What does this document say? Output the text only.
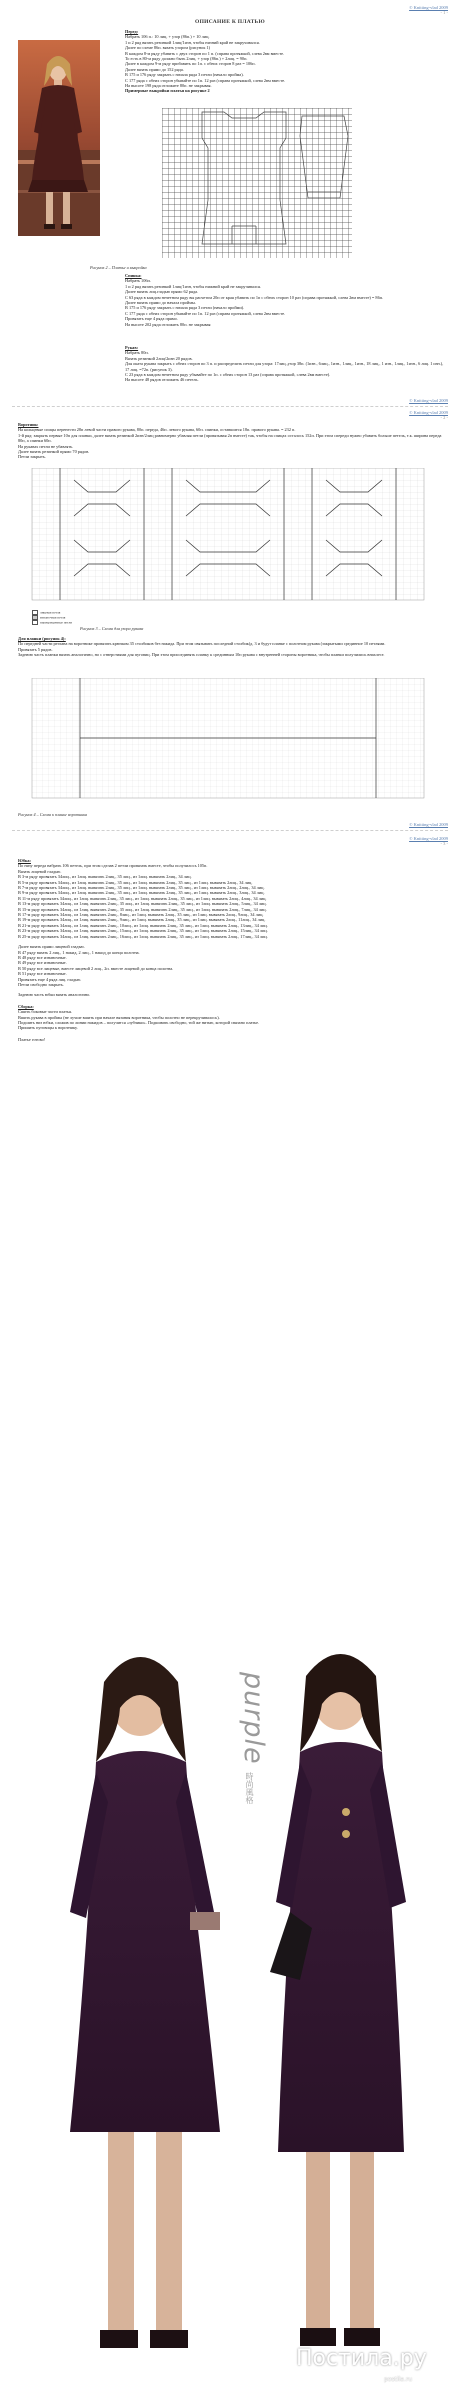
© Knitting-vlad 2009
- 1 -
ОПИСАНИЕ К ПЛАТЬЮ
Перед:
Набрать 106 п.: 10 лиц. + узор (86п.) + 10 лиц.
1 и 2 ряд вязать резинкой 1лиц/1изн, чтобы низний край не закручивался.
Далее по схеме 86п. вязать узором (рисунок 1)
В каждом 8-м ряду убавить с двух сторон по 1 п. (справа протяжкой, слева 2вм вместе.
То есть в 80-м ряду должно быть 2лиц. + узор (86п.) + 2лиц. = 90п.
Далее в каждом 9-м ряду прибавить по 1п. с обеих сторон 8 раз = 106п.
Далее вязать прямо до 152 ряда.
В 175 и 176 ряду закрыть с начала ряда 3 петли (начало пройма).
С 177 ряда с обеих сторон убывайте по 1п. 12 раз (справа протяжкой, слева 2вм вместе.
На высоте 198 ряда отложите 80п. не закрывая.
Примерные выкройки платья на рисунке 2
Рисунок 2 – Платье и выкройка
Спинка:
Набрать 106п.
1 и 2 ряд вязать резинкой 1лиц/1изн, чтобы нижний край не закручивался.
Далее вязать лиц.гладью прямо 62 ряда.
С 63 ряда в каждом нечетном ряду вы расчетом 20п от края убавить по 1п с обеих сторон 10 раз (справа протяжкой, слева 2вм вместе) = 86п.
Далее вязать прямо до начала проймы.
В 175 и 176 ряду закрыть с начала ряда 3 петли (начало пройми).
С 177 ряда с обеих сторон убывайте по 1п. 12 раз (справа протяжкой, слева 2вм вместе.
Провязать еще 4 ряда прямо.
На высоте 202 ряда отложить 80п. не закрывая
Рукав:
Набрать 80п.
Вязать резинкой 2лиц/2изн 20 рядов.
Для оката рукава закрыть с обеих сторон по 3 п. и распределить петли для узора: 17лиц.,узор 38п. (1изн., 6лиц., 1изн., 1лиц., 1изн., 18 лиц., 1 изн., 1лиц., 1изн., 6 лиц. 1 изн.), 17 лиц. =72п. (рисунок 3).
С 23 ряда в каждом нечетном ряду убывайте по 1п. с обеих сторон 13 раз (справа протяжкой, слева 2вм вместе).
На высоте 48 рядов отложить 46 петель.
© Knitting-vlad 2009
© Knitting-vlad 2009
- 2 -
Воротник:
На кольцевые спицы перенести 28п левой части правого рукава, 80п. переда, 46п. левого рукава, 60п. спинки, оставшиеся 18п. правого рукава. = 232 п.
1-й ряд: закрыть первые 10п для планки, далее вязать резинкой 2изн/2лиц равномерно убавляя петли (провязывая 2п вместе) так, чтобы на спицах осталось 152п. При этом спереди нужно убавить больше петель, т.к. ширина переда 80п, а спинки 60п.
На рукавах петли не убавлять.
Далее вязать резинкой прямо 70 рядов.
Петли закрыть.
лицевая петля
изнаночная петля
перекрещенные петли
Рисунок 3 – Схема для узора рукава
Для планки (рисунок 4):
По передней части реглана на воротнике провязать крючком 35 столбиков без накида. При этом связывать последний столбик(д. 3 и будут планке с полотном рукава (закрытыми срединное 10 петлями.
Провязать 5 рядов.
Заднюю часть планки вязать аналогично, но с отверстиями для пуговиц. При этом присоединять планку к срединным 10п рукава с внутренней стороны воротника, чтобы планки получились внахлест.
Рисунок 4 – Схема к планке воротника
© Knitting-vlad 2009
© Knitting-vlad 2009
- 3 -
Юбка:
По низу переда набрать 106 петель, при этом сделав 2 петли провязать вместе, чтобы получилось 105п.
Вязать лицевой гладью.
В 3-м ряду провязать 34лиц., из 1лиц. вывязать 2лиц., 35 лиц., из 1лиц. вывязать 2лиц., 34 лиц.
В 5-м ряду провязать 34лиц., из 1лиц. вывязать 2лиц., 35 лиц., из 1лиц. вывязать 2лиц., 35 лиц., из 1лиц. вывязать 2лиц., 34 лиц.
В 7-м ряду провязать 34лиц., из 1лиц. вывязать 2лиц., 35 лиц., из 1лиц. вывязать 2лиц., 35 лиц., из 1лиц. вывязать 2лиц., 2лиц., 34 лиц.
В 9-м ряду провязать 34лиц., из 1лиц. вывязать 2лиц., 35 лиц., из 1лиц. вывязать 2лиц., 35 лиц., из 1лиц. вывязать 2лиц., 3лиц., 34 лиц.
В 11-м ряду провязать 34лиц., из 1лиц. вывязать 2лиц., 35 лиц., из 1лиц. вывязать 2лиц., 35 лиц., из 1лиц. вывязать 2лиц., 4лиц., 34 лиц.
В 13-м ряду провязать 34лиц., из 1лиц. вывязать 2лиц., 35 лиц., из 1лиц. вывязать 2лиц., 35 лиц., из 1лиц. вывязать 2лиц., 5лиц., 34 лиц.
В 15-м ряду провязать 34лиц., из 1лиц. вывязать 2лиц., 35 лиц., из 1лиц. вывязать 2лиц., 35 лиц., из 1лиц. вывязать 2лиц., 7лиц., 34 лиц.
В 17-м ряду провязать 34лиц., из 1лиц. вывязать 2лиц., 8лиц., из 1лиц. вывязать 2лиц., 35 лиц., из 1лиц. вывязать 2лиц., 9лиц., 34 лиц.
В 19-м ряду провязать 34лиц., из 1лиц. вывязать 2лиц., 9лиц., из 1лиц. вывязать 2лиц., 35 лиц., из 1лиц. вывязать 2лиц., 11лиц., 34 лиц.
В 21-м ряду провязать 34лиц., из 1лиц. вывязать 2лиц., 10лиц., из 1лиц. вывязать 2лиц., 35 лиц., из 1лиц. вывязать 2лиц., 13лиц., 34 лиц.
В 23-м ряду провязать 34лиц., из 1лиц. вывязать 2лиц., 15лиц., из 1лиц. вывязать 2лиц., 35 лиц., из 1лиц. вывязать 2лиц., 15лиц., 34 лиц.
В 25-м ряду провязать 34лиц., из 1лиц. вывязать 2лиц., 16лиц., из 1лиц. вывязать 2лиц., 35 лиц., из 1лиц. вывязать 2лиц., 17лиц., 34 лиц.
Далее вязать прямо лицевой гладью.
В 47 ряду вязать 2 лиц., 1 накид, 2 лиц., 1 накид до конца полотна.
В 48 ряду все изнаночные.
В 49 ряду все изнаночные.
В 50 ряду все лицевые, вместе лицевой 2 лиц., 2п. вместе лицевой до конца полотна.
В 51 ряду все изнаночные.
Провязать еще 4 ряда лиц. гладью.
Петли свободно закрыть.
Заднюю часть юбки вязать аналогично.
Сборка:
Сшить боковые части платья.
Вшить рукава в проймы (не лучше вшить при начале вязания воротника, чтобы полотно не перекручивалось).
Подшить низ юбки, сложив по линии накидов – получится «зубчики». Подшивать свободно, той же нитью, которой связано платье.
Пришить пуговицы к воротнику.
Платье готово!
purple
時尚風格
Постила.ру
postila.ru
